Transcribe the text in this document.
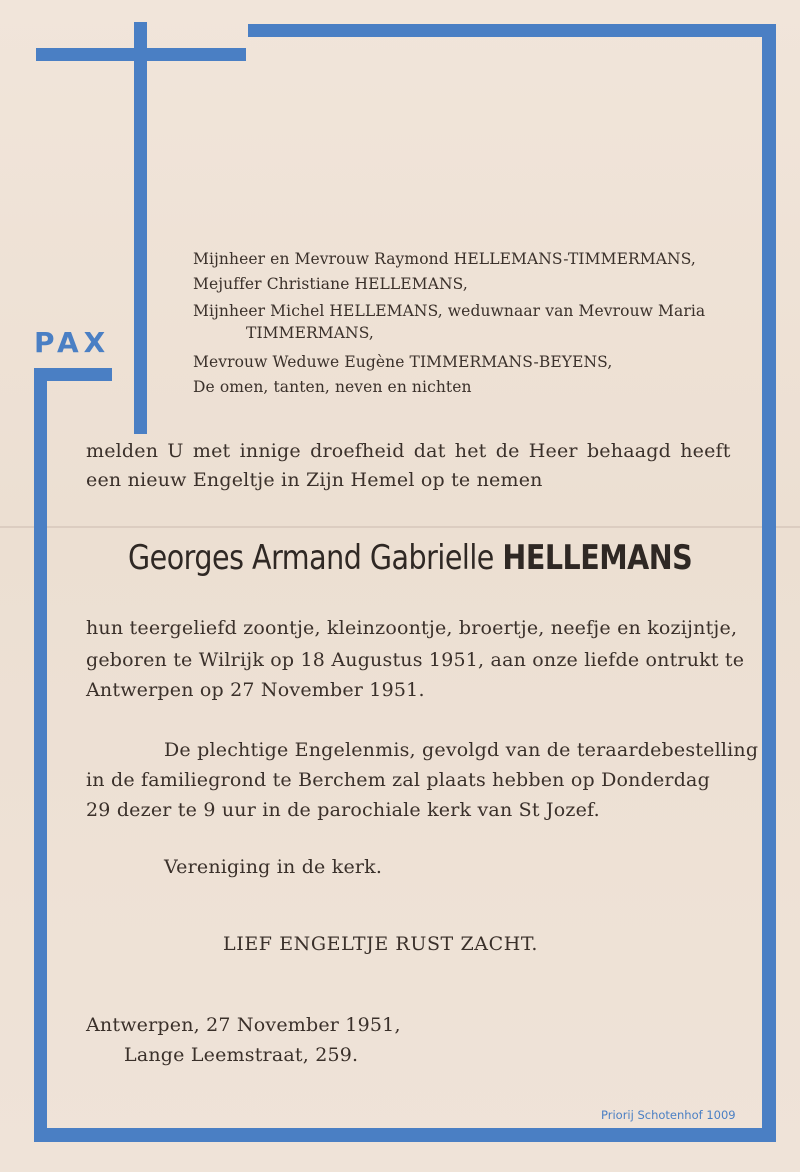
PAX
Mijnheer en Mevrouw Raymond HELLEMANS-TIMMERMANS,
Mejuffer Christiane HELLEMANS,
Mijnheer Michel HELLEMANS, weduwnaar van Mevrouw Maria
TIMMERMANS,
Mevrouw Weduwe Eugène TIMMERMANS-BEYENS,
De omen, tanten, neven en nichten
melden U met innige droefheid dat het de Heer behaagd heeft
een nieuw Engeltje in Zijn Hemel op te nemen
Georges Armand Gabrielle HELLEMANS
hun teergeliefd zoontje, kleinzoontje, broertje, neefje en kozijntje,
geboren te Wilrijk op 18 Augustus 1951, aan onze liefde ontrukt te
Antwerpen op 27 November 1951.
De plechtige Engelenmis, gevolgd van de teraardebestelling
in de familiegrond te Berchem zal plaats hebben op Donderdag
29 dezer te 9 uur in de parochiale kerk van St Jozef.
Vereniging in de kerk.
LIEF ENGELTJE RUST ZACHT.
Antwerpen, 27 November 1951,
Lange Leemstraat, 259.
Priorij Schotenhof 1009
